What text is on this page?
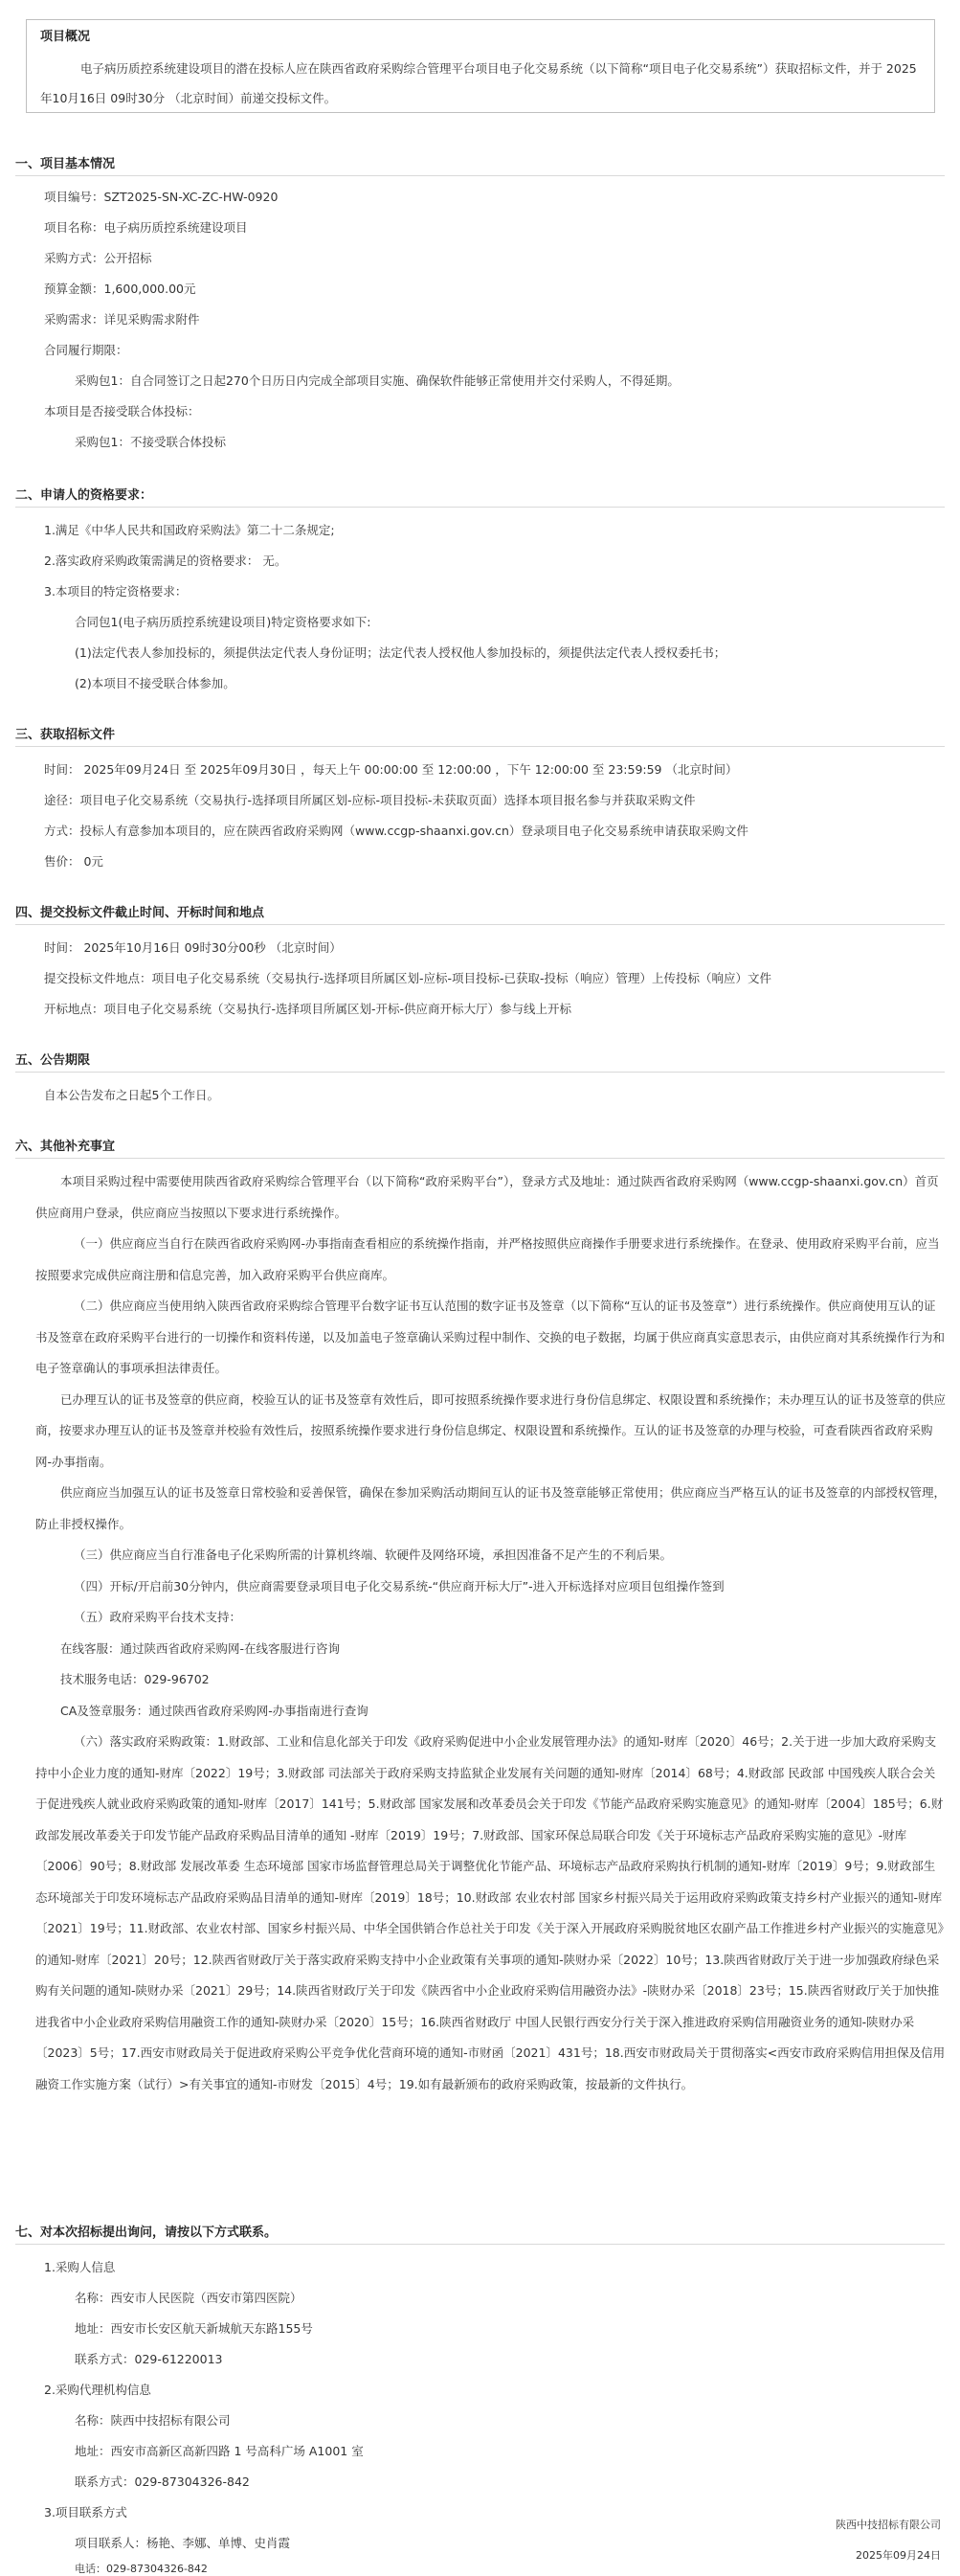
项目概况
电子病历质控系统建设项目的潜在投标人应在陕西省政府采购综合管理平台项目电子化交易系统（以下简称“项目电子化交易系统”）获取招标文件，并于 2025年10月16日 09时30分 （北京时间）前递交投标文件。
一、项目基本情况
项目编号：SZT2025-SN-XC-ZC-HW-0920
项目名称：电子病历质控系统建设项目
采购方式：公开招标
预算金额：1,600,000.00元
采购需求：详见采购需求附件
合同履行期限：
采购包1：自合同签订之日起270个日历日内完成全部项目实施、确保软件能够正常使用并交付采购人，不得延期。
本项目是否接受联合体投标：
采购包1：不接受联合体投标
二、申请人的资格要求：
1.满足《中华人民共和国政府采购法》第二十二条规定;
2.落实政府采购政策需满足的资格要求： 无。
3.本项目的特定资格要求：
合同包1(电子病历质控系统建设项目)特定资格要求如下:
(1)法定代表人参加投标的，须提供法定代表人身份证明；法定代表人授权他人参加投标的，须提供法定代表人授权委托书；
(2)本项目不接受联合体参加。
三、获取招标文件
时间： 2025年09月24日 至 2025年09月30日 ，每天上午 00:00:00 至 12:00:00 ，下午 12:00:00 至 23:59:59 （北京时间）
途径：项目电子化交易系统（交易执行-选择项目所属区划-应标-项目投标-未获取页面）选择本项目报名参与并获取采购文件
方式：投标人有意参加本项目的，应在陕西省政府采购网（www.ccgp-shaanxi.gov.cn）登录项目电子化交易系统申请获取采购文件
售价： 0元
四、提交投标文件截止时间、开标时间和地点
时间： 2025年10月16日 09时30分00秒 （北京时间）
提交投标文件地点：项目电子化交易系统（交易执行-选择项目所属区划-应标-项目投标-已获取-投标（响应）管理）上传投标（响应）文件
开标地点：项目电子化交易系统（交易执行-选择项目所属区划-开标-供应商开标大厅）参与线上开标
五、公告期限
自本公告发布之日起5个工作日。
六、其他补充事宜

本项目采购过程中需要使用陕西省政府采购综合管理平台（以下简称“政府采购平台”），登录方式及地址：通过陕西省政府采购网（www.ccgp-shaanxi.gov.cn）首页供应商用户登录，供应商应当按照以下要求进行系统操作。

（一）供应商应当自行在陕西省政府采购网-办事指南查看相应的系统操作指南，并严格按照供应商操作手册要求进行系统操作。在登录、使用政府采购平台前，应当按照要求完成供应商注册和信息完善，加入政府采购平台供应商库。

（二）供应商应当使用纳入陕西省政府采购综合管理平台数字证书互认范围的数字证书及签章（以下简称“互认的证书及签章”）进行系统操作。供应商使用互认的证书及签章在政府采购平台进行的一切操作和资料传递，以及加盖电子签章确认采购过程中制作、交换的电子数据，均属于供应商真实意思表示，由供应商对其系统操作行为和电子签章确认的事项承担法律责任。

已办理互认的证书及签章的供应商，校验互认的证书及签章有效性后，即可按照系统操作要求进行身份信息绑定、权限设置和系统操作；未办理互认的证书及签章的供应商，按要求办理互认的证书及签章并校验有效性后，按照系统操作要求进行身份信息绑定、权限设置和系统操作。互认的证书及签章的办理与校验，可查看陕西省政府采购网-办事指南。

供应商应当加强互认的证书及签章日常校验和妥善保管，确保在参加采购活动期间互认的证书及签章能够正常使用；供应商应当严格互认的证书及签章的内部授权管理，防止非授权操作。

（三）供应商应当自行准备电子化采购所需的计算机终端、软硬件及网络环境，承担因准备不足产生的不利后果。

（四）开标/开启前30分钟内，供应商需要登录项目电子化交易系统-“供应商开标大厅”-进入开标选择对应项目包组操作签到

（五）政府采购平台技术支持：

在线客服：通过陕西省政府采购网-在线客服进行咨询

技术服务电话：029-96702

CA及签章服务：通过陕西省政府采购网-办事指南进行查询

（六）落实政府采购政策：1.财政部、工业和信息化部关于印发《政府采购促进中小企业发展管理办法》的通知-财库〔2020〕46号；2.关于进一步加大政府采购支持中小企业力度的通知-财库〔2022〕19号；3.财政部 司法部关于政府采购支持监狱企业发展有关问题的通知-财库〔2014〕68号；4.财政部 民政部 中国残疾人联合会关于促进残疾人就业政府采购政策的通知-财库〔2017〕141号；5.财政部 国家发展和改革委员会关于印发《节能产品政府采购实施意见》的通知-财库〔2004〕185号；6.财政部发展改革委关于印发节能产品政府采购品目清单的通知 -财库〔2019〕19号；7.财政部、国家环保总局联合印发《关于环境标志产品政府采购实施的意见》-财库〔2006〕90号；8.财政部 发展改革委 生态环境部 国家市场监督管理总局关于调整优化节能产品、环境标志产品政府采购执行机制的通知-财库〔2019〕9号；9.财政部生态环境部关于印发环境标志产品政府采购品目清单的通知-财库〔2019〕18号；10.财政部 农业农村部 国家乡村振兴局关于运用政府采购政策支持乡村产业振兴的通知-财库〔2021〕19号；11.财政部、农业农村部、国家乡村振兴局、中华全国供销合作总社关于印发《关于深入开展政府采购脱贫地区农副产品工作推进乡村产业振兴的实施意见》的通知-财库〔2021〕20号；12.陕西省财政厅关于落实政府采购支持中小企业政策有关事项的通知-陕财办采〔2022〕10号；13.陕西省财政厅关于进一步加强政府绿色采购有关问题的通知-陕财办采〔2021〕29号；14.陕西省财政厅关于印发《陕西省中小企业政府采购信用融资办法》-陕财办采〔2018〕23号；15.陕西省财政厅关于加快推进我省中小企业政府采购信用融资工作的通知-陕财办采〔2020〕15号；16.陕西省财政厅 中国人民银行西安分行关于深入推进政府采购信用融资业务的通知-陕财办采〔2023〕5号；17.西安市财政局关于促进政府采购公平竞争优化营商环境的通知-市财函〔2021〕431号；18.西安市财政局关于贯彻落实<西安市政府采购信用担保及信用融资工作实施方案（试行）>有关事宜的通知-市财发〔2015〕4号；19.如有最新颁布的政府采购政策，按最新的文件执行。

七、对本次招标提出询问，请按以下方式联系。
1.采购人信息
名称：西安市人民医院（西安市第四医院）
地址：西安市长安区航天新城航天东路155号
联系方式：029-61220013
2.采购代理机构信息
名称：陕西中技招标有限公司
地址：西安市高新区高新四路 1 号高科广场 A1001 室
联系方式：029-87304326-842
3.项目联系方式
项目联系人：杨艳、李娜、单博、史肖霞
电话：029-87304326-842
陕西中技招标有限公司
2025年09月24日
